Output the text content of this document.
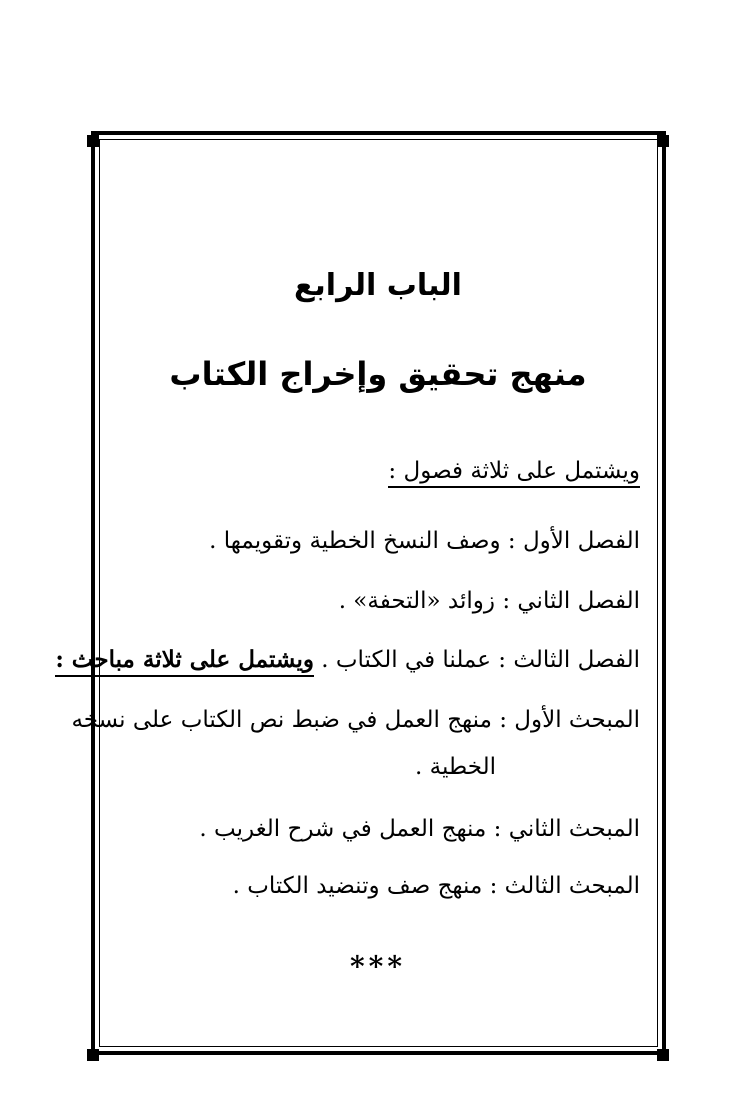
الباب الرابع
منهج تحقيق وإخراج الكتاب
ويشتمل على ثلاثة فصول :
الفصل الأول : وصف النسخ الخطية وتقويمها .
الفصل الثاني : زوائد «التحفة» .
الفصل الثالث : عملنا في الكتاب . ويشتمل على ثلاثة مباحث :
المبحث الأول : منهج العمل في ضبط نص الكتاب على نسخه
الخطية .
المبحث الثاني : منهج العمل في شرح الغريب .
المبحث الثالث : منهج صف وتنضيد الكتاب .
***
